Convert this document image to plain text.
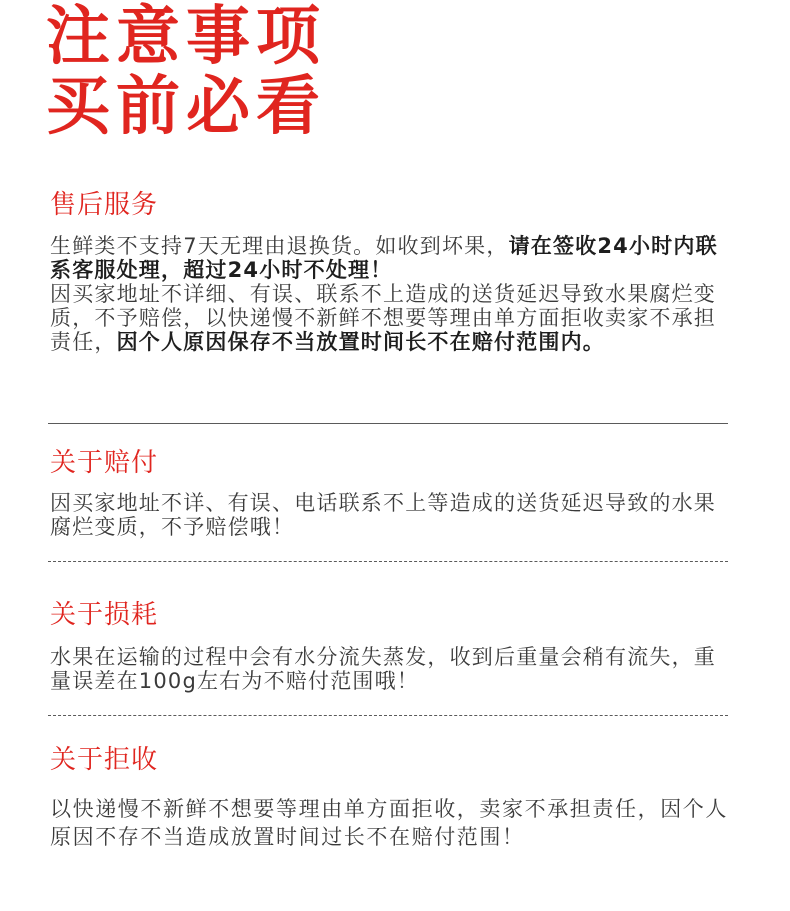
注意事项
买前必看
售后服务

生鲜类不支持7天无理由退换货。如收到坏果，请在签收24小时内联系客服处理，超过24小时不处理！

因买家地址不详细、有误、联系不上造成的送货延迟导致水果腐烂变质，不予赔偿，以快递慢不新鲜不想要等理由单方面拒收卖家不承担责任，因个人原因保存不当放置时间长不在赔付范围内。

关于赔付

因买家地址不详、有误、电话联系不上等造成的送货延迟导致的水果腐烂变质，不予赔偿哦！

关于损耗

水果在运输的过程中会有水分流失蒸发，收到后重量会稍有流失，重量误差在100g左右为不赔付范围哦！

关于拒收

以快递慢不新鲜不想要等理由单方面拒收，卖家不承担责任，因个人原因不存不当造成放置时间过长不在赔付范围！
